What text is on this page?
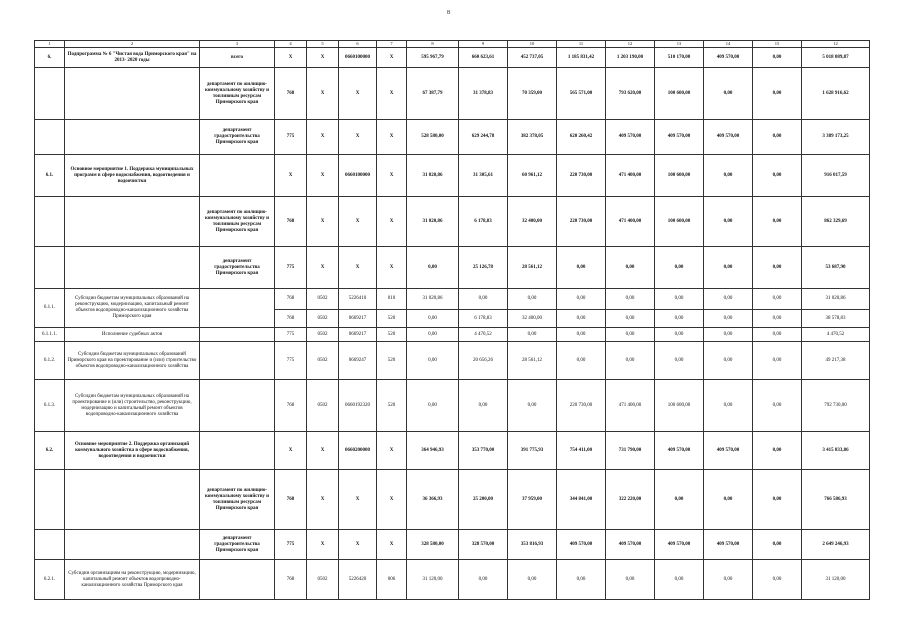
8
1	2	3	4	5	6	7	8	9	10	11	12	13	14	15	12
6.	Подпрограмма № 6 "Чистая вода Приморского края" на 2013- 2020 годы	всего	X	X	0660100000	X	595 967,79	660 623,61	452 737,05	1 185 831,42	1 203 190,00	510 170,00	409 570,00	0,00	5 018 089,87
		департамент по жилищно-коммунальному хозяйству и топливным ресурсам Приморского края	768	X	X	X	67 387,79	31 378,83	70 359,00	565 571,00	793 620,00	100 600,00	0,00	0,00	1 628 916,62
		департамент градостроительства Приморского края	775	X	X	X	528 580,00	629 244,78	382 378,05	620 260,42	409 570,00	409 570,00	409 570,00	0,00	3 389 173,25
6.1.	Основное мероприятие 1. Поддержка муниципальных программ в сфере водоснабжения, водоотведения и водоочистки		X	X	0660100000	X	31 020,86	31 305,61	60 961,12	220 730,00	471 400,00	100 600,00	0,00	0,00	916 017,59
		департамент по жилищно-коммунальному хозяйству и топливным ресурсам Приморского края	768	X	X	X	31 020,86	6 178,83	32 400,00	220 730,00	471 400,00	100 600,00	0,00	0,00	862 329,69
		департамент градостроительства Приморского края	775	X	X	X	0,00	25 126,78	28 561,12	0,00	0,00	0,00	0,00	0,00	53 687,90
6.1.1.	Субсидии бюджетам муниципальных образований на реконструкцию, модернизацию, капитальный ремонт объектов водопроводно-канализационного хозяйства Приморского края		768	0502	5226410	010	31 020,86	0,00	0,00	0,00	0,00	0,00	0,00	0,00	31 020,86
			768	0502	0669217	520	0,00	6 178,83	32 400,00	0,00	0,00	0,00	0,00	0,00	38 578,83
6.1.1.1.	Исполнение судебных актов		775	0502	0669217	520	0,00	4 470,52	0,00	0,00	0,00	0,00	0,00	0,00	4 470,52
6.1.2.	Субсидии бюджетам муниципальных образований Приморского края на проектирование и (или) строительство объектов водопроводно-канализационного хозяйства		775	0502	0669247	520	0,00	20 656,26	28 561,12	0,00	0,00	0,00	0,00	0,00	49 217,38
6.1.3.	Субсидии бюджетам муниципальных образований на проектирование и (или) строительство, реконструкцию, модернизацию и капитальный ремонт объектов водопроводно-канализационного хозяйства		768	0502	0660192320	520	0,00	0,00	0,00	220 730,00	471 400,00	100 600,00	0,00	0,00	792 730,00
6.2.	Основное мероприятие 2. Поддержка организаций коммунального хозяйства в сфере водоснабжения, водоотведения и водоочистки		X	X	0660200000	X	364 946,93	353 770,00	391 775,93	754 411,00	731 790,00	409 570,00	409 570,00	0,00	3 415 833,86
		департамент по жилищно-коммунальному хозяйству и топливным ресурсам Приморского края	768	X	X	X	36 366,93	25 200,00	37 959,00	344 841,00	322 220,00	0,00	0,00	0,00	766 586,93
		департамент градостроительства Приморского края	775	X	X	X	328 580,00	328 570,00	353 816,93	409 570,00	409 570,00	409 570,00	409 570,00	0,00	2 649 246,93
6.2.1.	Субсидии организациям на реконструкцию, модернизацию, капитальный ремонт объектов водопроводно-канализационного хозяйства Приморского края		768	0502	5226420	006	31 120,00	0,00	0,00	0,00	0,00	0,00	0,00	0,00	31 120,00
